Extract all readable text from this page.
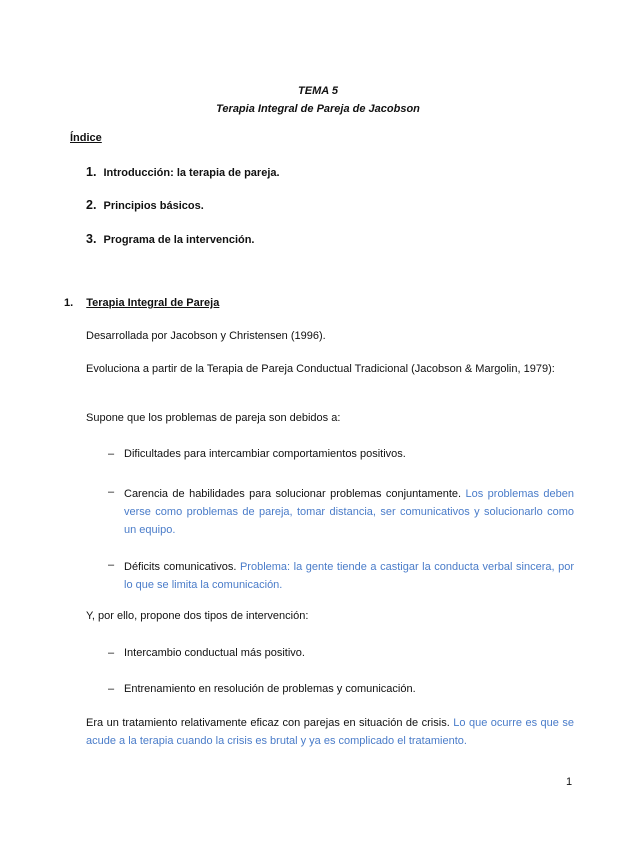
TEMA 5
Terapia Integral de Pareja de Jacobson
Índice
1. Introducción: la terapia de pareja.
2. Principios básicos.
3. Programa de la intervención.
1. Terapia Integral de Pareja
Desarrollada por Jacobson y Christensen (1996).
Evoluciona a partir de la Terapia de Pareja Conductual Tradicional (Jacobson & Margolin, 1979):
Supone que los problemas de pareja son debidos a:
– Dificultades para intercambiar comportamientos positivos.
– Carencia de habilidades para solucionar problemas conjuntamente. Los problemas deben verse como problemas de pareja, tomar distancia, ser comunicativos y solucionarlo como un equipo.
– Déficits comunicativos. Problema: la gente tiende a castigar la conducta verbal sincera, por lo que se limita la comunicación.
Y, por ello, propone dos tipos de intervención:
– Intercambio conductual más positivo.
– Entrenamiento en resolución de problemas y comunicación.
Era un tratamiento relativamente eficaz con parejas en situación de crisis. Lo que ocurre es que se acude a la terapia cuando la crisis es brutal y ya es complicado el tratamiento.
1
